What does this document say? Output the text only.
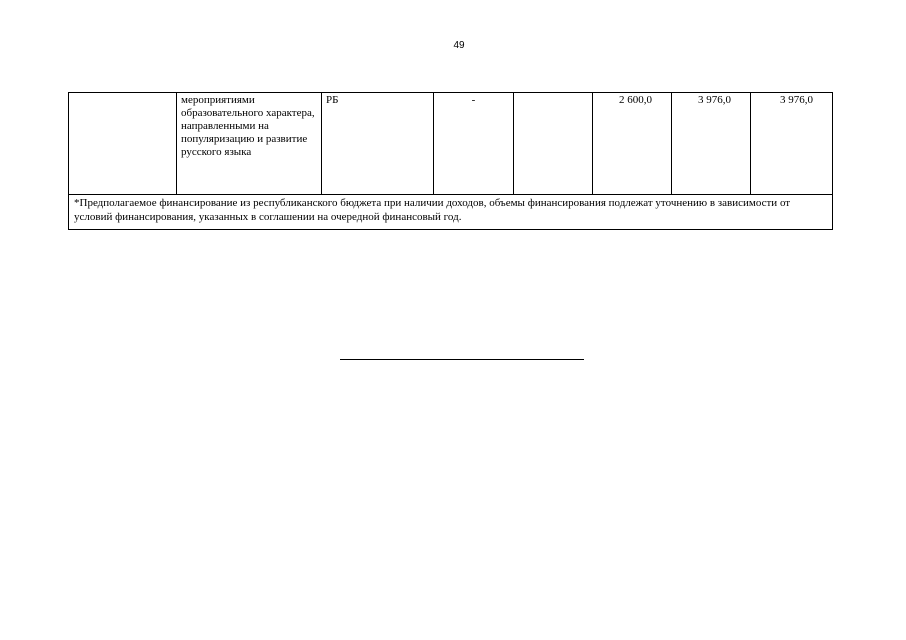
49
	мероприятиями образовательного характера, направленными на популяризацию и развитие русского языка	РБ	-		2 600,0	3 976,0	3 976,0
*Предполагаемое финансирование из республиканского бюджета при наличии доходов, объемы финансирования подлежат уточнению в зависимости от условий финансирования, указанных в соглашении на очередной финансовый год.
